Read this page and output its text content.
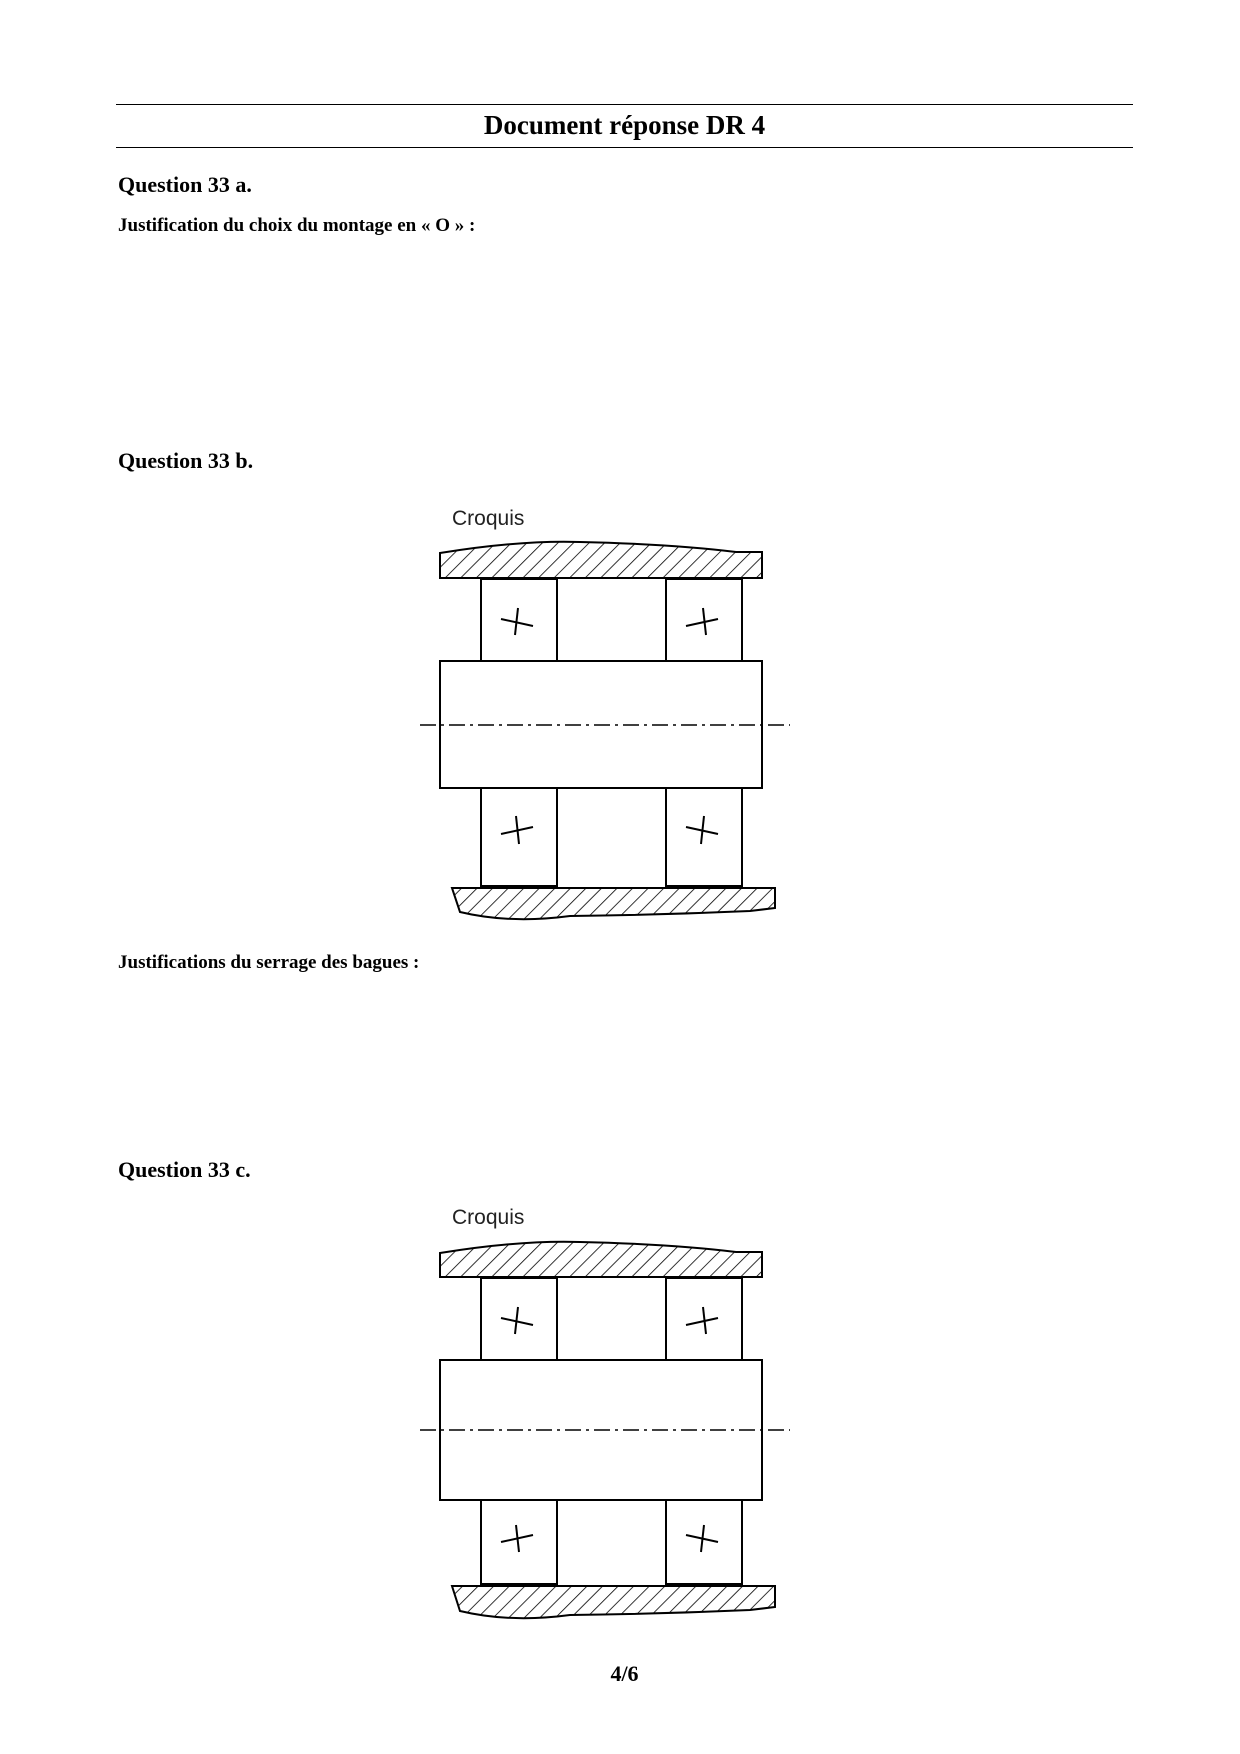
Document réponse DR 4
Question 33 a.
Justification du choix du montage en « O » :
Question 33 b.
Croquis
Justifications du serrage des bagues :
Question 33 c.
Croquis
4/6
